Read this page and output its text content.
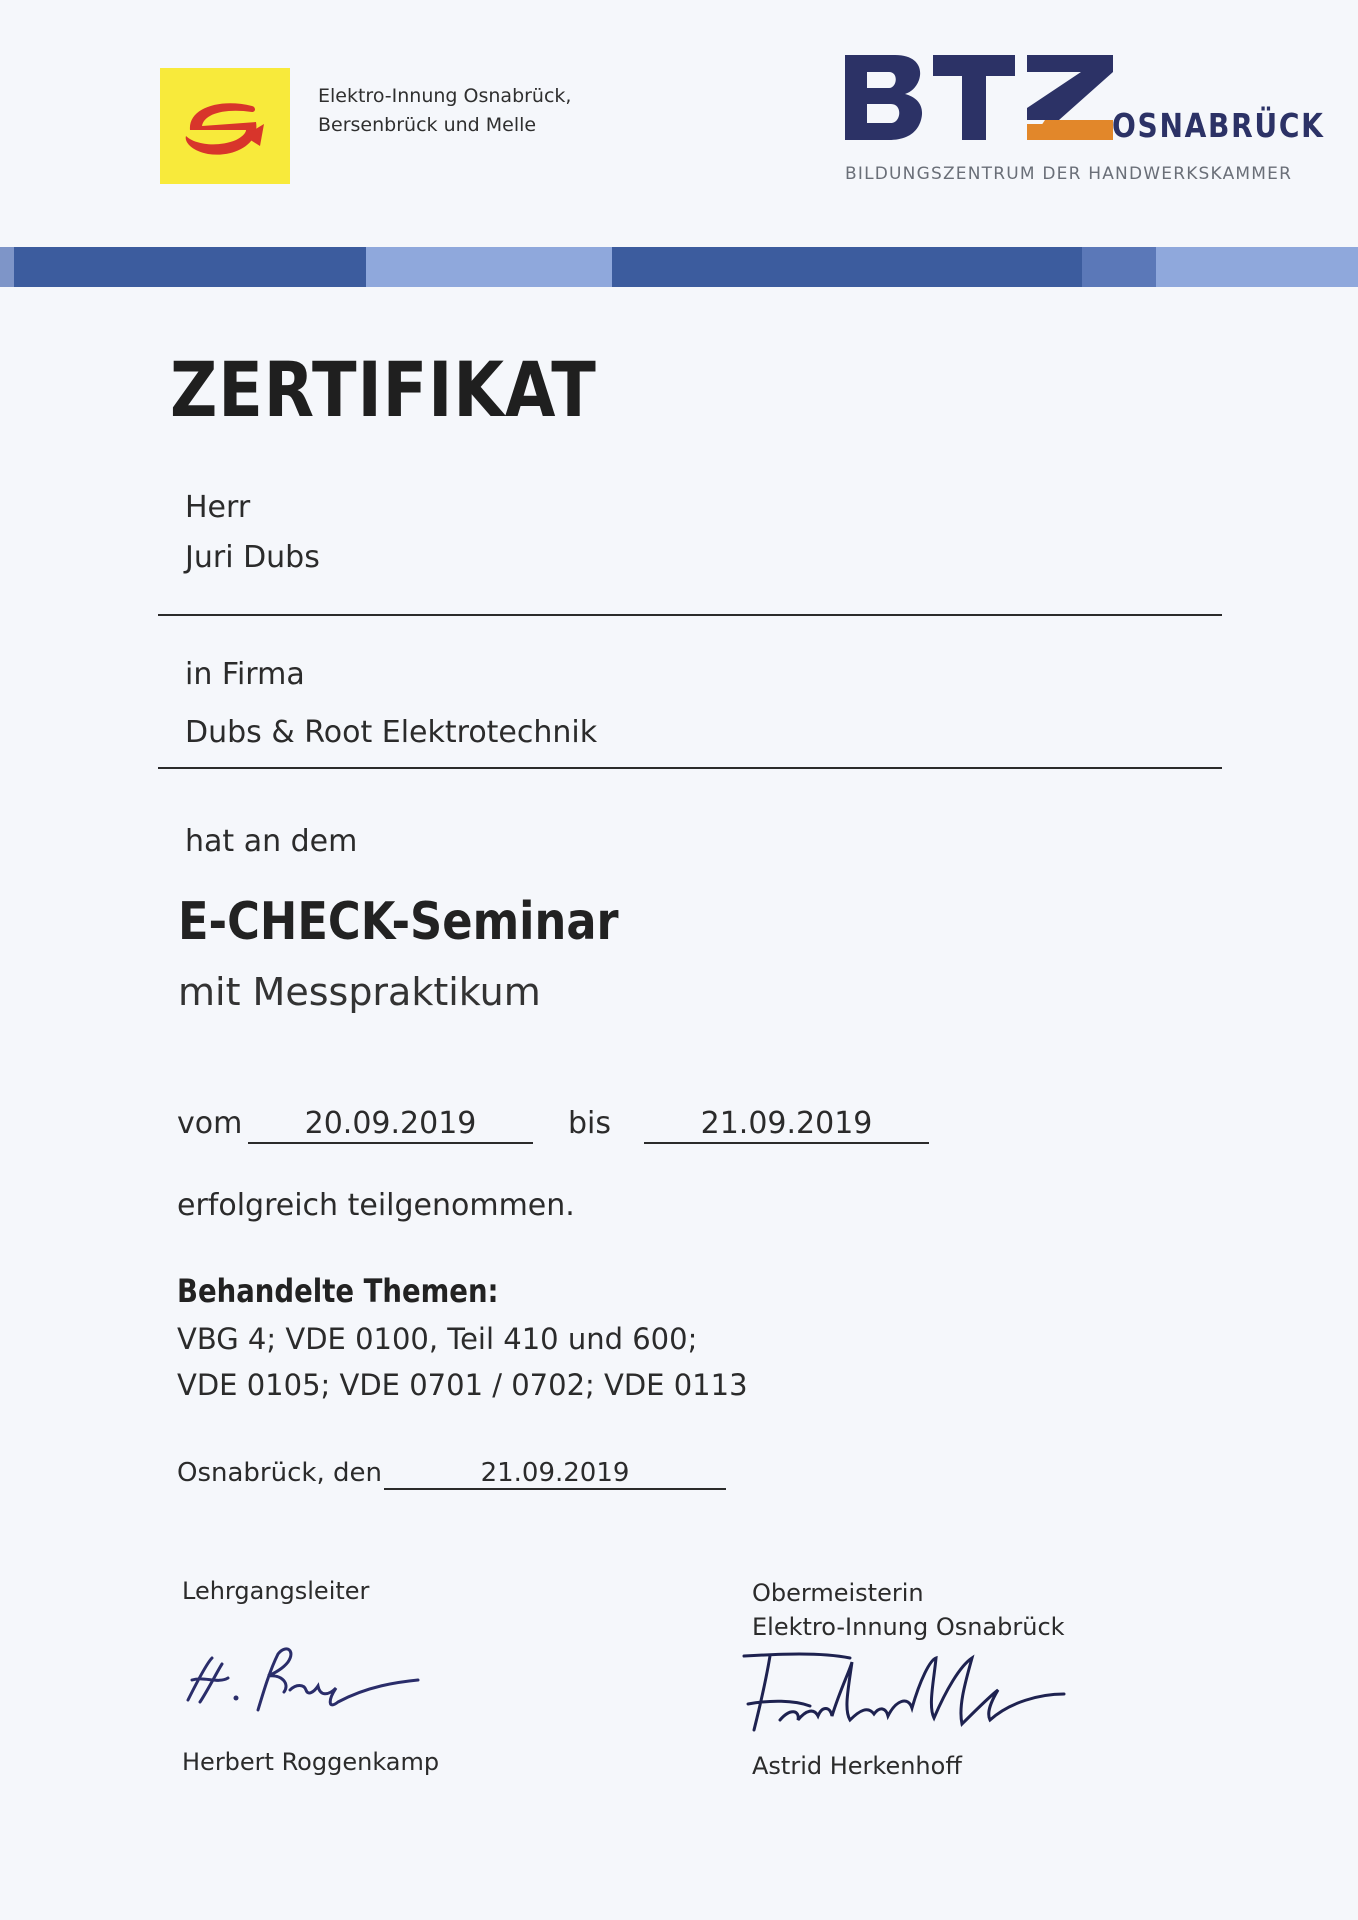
Elektro-Innung Osnabrück,
Bersenbrück und Melle	OSNABRÜCK
BILDUNGSZENTRUM DER HANDWERKSKAMMER
ZERTIFIKAT
Herr
Juri Dubs
in Firma
Dubs & Root Elektrotechnik
hat an dem
E-CHECK-Seminar
mit Messpraktikum
vom	20.09.2019	bis	21.09.2019
erfolgreich teilgenommen.
Behandelte Themen:
VBG 4; VDE 0100, Teil 410 und 600;
VDE 0105; VDE 0701 / 0702; VDE 0113
Osnabrück, den	21.09.2019
Lehrgangsleiter
Herbert Roggenkamp
Obermeisterin
Elektro-Innung Osnabrück
Astrid Herkenhoff
